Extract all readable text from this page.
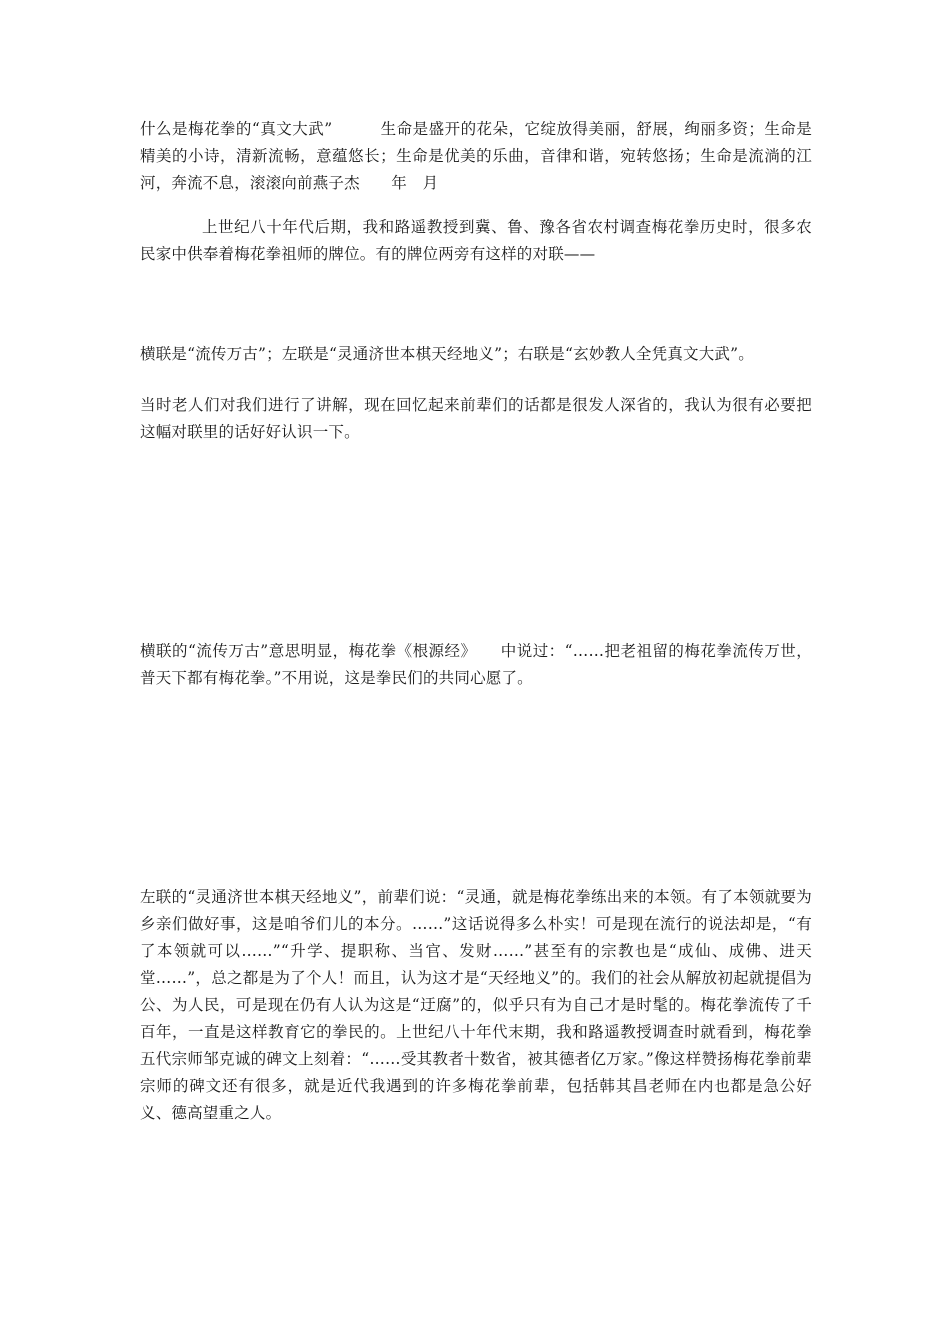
什么是梅花拳的“真文大武”　　　生命是盛开的花朵，它绽放得美丽，舒展，绚丽多资；生命是精美的小诗，清新流畅，意蕴悠长；生命是优美的乐曲，音律和谐，宛转悠扬；生命是流淌的江河，奔流不息，滚滚向前燕子杰　　年　月

上世纪八十年代后期，我和路遥教授到冀、鲁、豫各省农村调查梅花拳历史时，很多农民家中供奉着梅花拳祖师的牌位。有的牌位两旁有这样的对联——

横联是“流传万古”；左联是“灵通济世本棋天经地义”；右联是“玄妙教人全凭真文大武”。

当时老人们对我们进行了讲解，现在回忆起来前辈们的话都是很发人深省的，我认为很有必要把这幅对联里的话好好认识一下。

横联的“流传万古”意思明显，梅花拳《根源经》　　中说过：“……把老祖留的梅花拳流传万世，普天下都有梅花拳。”不用说，这是拳民们的共同心愿了。

左联的“灵通济世本棋天经地义”，前辈们说：“灵通，就是梅花拳练出来的本领。有了本领就要为乡亲们做好事，这是咱爷们儿的本分。……”这话说得多么朴实！可是现在流行的说法却是，“有了本领就可以……”“升学、提职称、当官、发财……”甚至有的宗教也是“成仙、成佛、进天堂……”，总之都是为了个人！而且，认为这才是“天经地义”的。我们的社会从解放初起就提倡为公、为人民，可是现在仍有人认为这是“迂腐”的，似乎只有为自己才是时髦的。梅花拳流传了千百年，一直是这样教育它的拳民的。上世纪八十年代末期，我和路遥教授调查时就看到，梅花拳五代宗师邹克诚的碑文上刻着：“……受其教者十数省，被其德者亿万家。”像这样赞扬梅花拳前辈宗师的碑文还有很多，就是近代我遇到的许多梅花拳前辈，包括韩其昌老师在内也都是急公好义、德高望重之人。
